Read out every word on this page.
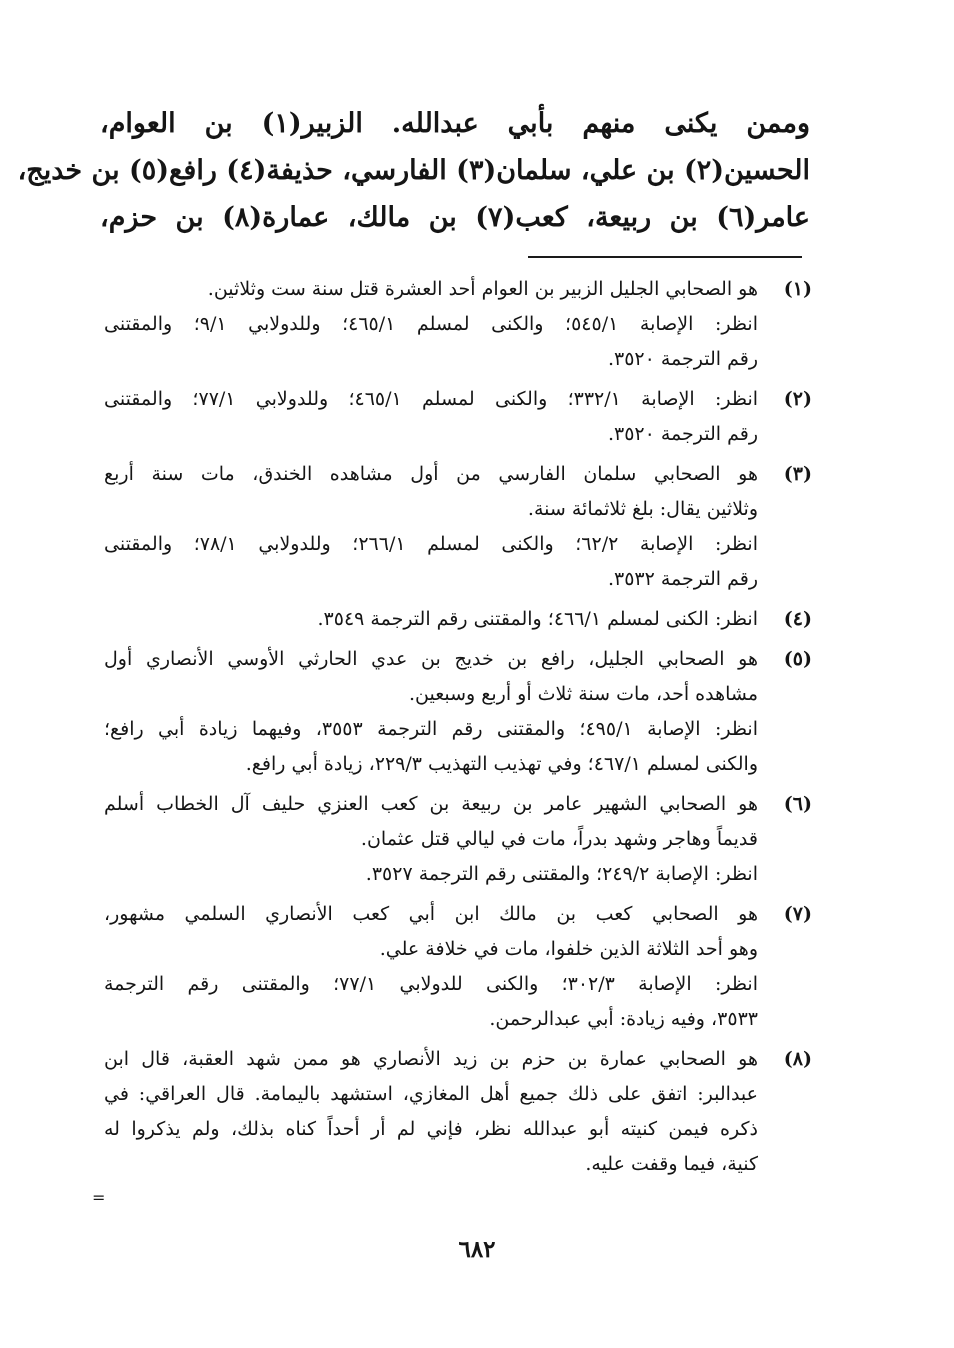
وممن يكنى منهم بأبي عبدالله. الزبير(١) بن العوام،
الحسين(٢) بن علي، سلمان(٣) الفارسي، حذيفة(٤) رافع(٥) بن خديج،
عامر(٦) بن ربيعة، كعب(٧) بن مالك، عمارة(٨) بن حزم،
(١)
هو الصحابي الجليل الزبير بن العوام أحد العشرة قتل سنة ست وثلاثين.
انظر: الإصابة ٥٤٥/١؛ والكنى لمسلم ٤٦٥/١؛ وللدولابي ٩/١؛ والمقتنى
رقم الترجمة ٣٥٢٠.
(٢)
انظر: الإصابة ٣٣٢/١؛ والكنى لمسلم ٤٦٥/١؛ وللدولابي ٧٧/١؛ والمقتنى
رقم الترجمة ٣٥٢٠.
(٣)
هو الصحابي سلمان الفارسي من أول مشاهده الخندق، مات سنة أربع
وثلاثين يقال: بلغ ثلاثمائة سنة.
انظر: الإصابة ٦٢/٢؛ والكنى لمسلم ٢٦٦/١؛ وللدولابي ٧٨/١؛ والمقتنى
رقم الترجمة ٣٥٣٢.
(٤)
انظر: الكنى لمسلم ٤٦٦/١؛ والمقتنى رقم الترجمة ٣٥٤٩.
(٥)
هو الصحابي الجليل، رافع بن خديج بن عدي الحارثي الأوسي الأنصاري أول
مشاهده أحد، مات سنة ثلاث أو أربع وسبعين.
انظر: الإصابة ٤٩٥/١؛ والمقتنى رقم الترجمة ٣٥٥٣، وفيهما زيادة أبي رافع؛
والكنى لمسلم ٤٦٧/١؛ وفي تهذيب التهذيب ٢٢٩/٣، زيادة أبي رافع.
(٦)
هو الصحابي الشهير عامر بن ربيعة بن كعب العنزي حليف آل الخطاب أسلم
قديماً وهاجر وشهد بدراً، مات في ليالي قتل عثمان.
انظر: الإصابة ٢٤٩/٢؛ والمقتنى رقم الترجمة ٣٥٢٧.
(٧)
هو الصحابي كعب بن مالك ابن أبي كعب الأنصاري السلمي مشهور،
وهو أحد الثلاثة الذين خلفوا، مات في خلافة علي.
انظر: الإصابة ٣٠٢/٣؛ والكنى للدولابي ٧٧/١؛ والمقتنى رقم الترجمة
٣٥٣٣، وفيه زيادة: أبي عبدالرحمن.
(٨)
هو الصحابي عمارة بن حزم بن زيد الأنصاري هو ممن شهد العقبة، قال ابن
عبدالبر: اتفق على ذلك جميع أهل المغازي، استشهد باليمامة. قال العراقي: في
ذكره فيمن كنيته أبو عبدالله نظر، فإني لم أر أحداً كناه بذلك، ولم يذكروا له
كنية، فيما وقفت عليه.
=
٦٨٢
